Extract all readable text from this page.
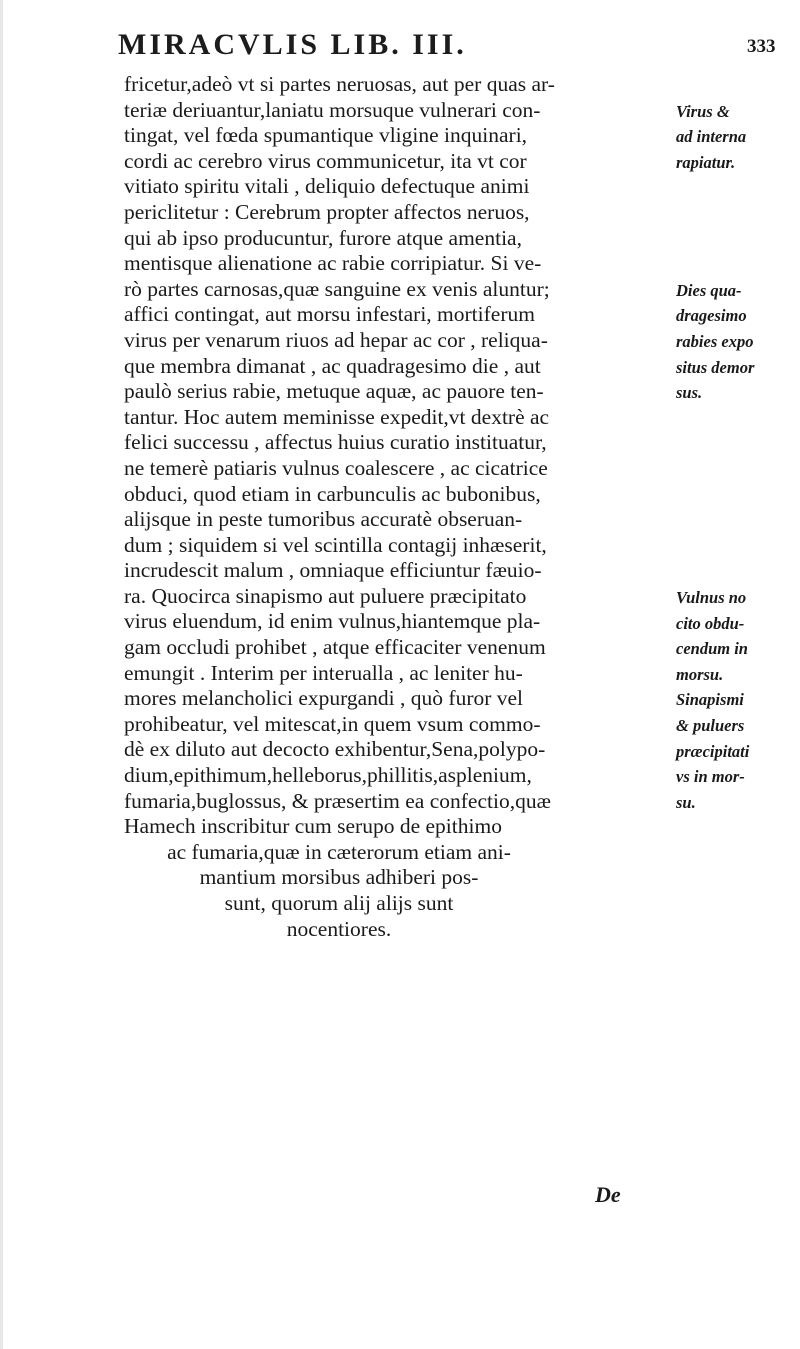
MIRACVLIS LIB. III.	333
fricetur,adeò vt si partes neruosas, aut per quas ar-
teriæ deriuantur,laniatu morsuque vulnerari con-
tingat, vel fœda spumantique vligine inquinari,
cordi ac cerebro virus communicetur, ita vt cor
vitiato spiritu vitali , deliquio defectuque animi
periclitetur : Cerebrum propter affectos neruos,
qui ab ipso producuntur, furore atque amentia,
mentisque alienatione ac rabie corripiatur. Si ve-
rò partes carnosas,quæ sanguine ex venis aluntur;
affici contingat, aut morsu infestari, mortiferum
virus per venarum riuos ad hepar ac cor , reliqua-
que membra dimanat , ac quadragesimo die , aut
paulò serius rabie, metuque aquæ, ac pauore ten-
tantur. Hoc autem meminisse expedit,vt dextrè ac
felici successu , affectus huius curatio instituatur,
ne temerè patiaris vulnus coalescere , ac cicatrice
obduci, quod etiam in carbunculis ac bubonibus,
alijsque in peste tumoribus accuratè obseruan-
dum ; siquidem si vel scintilla contagij inhæserit,
incrudescit malum , omniaque efficiuntur fæuio-
ra. Quocirca sinapismo aut puluere præcipitato
virus eluendum, id enim vulnus,hiantemque pla-
gam occludi prohibet , atque efficaciter venenum
emungit . Interim per interualla , ac leniter hu-
mores melancholici expurgandi , quò furor vel
prohibeatur, vel mitescat,in quem vsum commo-
dè ex diluto aut decocto exhibentur,Sena,polypo-
dium,epithimum,helleborus,phillitis,asplenium,
fumaria,buglossus, & præsertim ea confectio,quæ
Hamech inscribitur cum serupo de epithimo
ac fumaria,quæ in cæterorum etiam ani-
mantium morsibus adhiberi pos-
sunt, quorum alij alijs sunt
nocentiores.
Virus &
ad interna
rapiatur.
Dies qua-
dragesimo
rabies expo
situs demor
sus.
Vulnus no
cito obdu-
cendum in
morsu.
Sinapismi
& puluers
præcipitati
vs in mor-
su.
De
